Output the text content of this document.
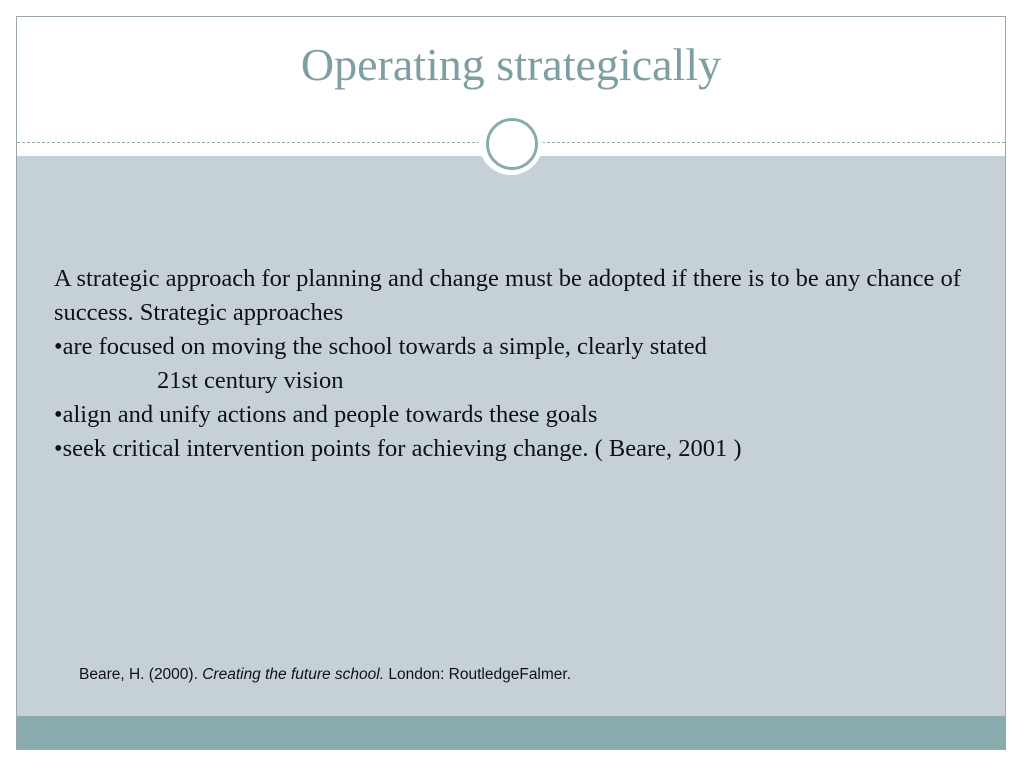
Operating strategically

A strategic approach for planning and change must be adopted if there is to be any chance of success. Strategic approaches

•are focused on moving the school towards a simple, clearly stated

21st century vision

•align and unify actions and people towards these goals

•seek critical intervention points for achieving change. ( Beare, 2001 )

Beare, H. (2000). Creating the future school. London: RoutledgeFalmer.
